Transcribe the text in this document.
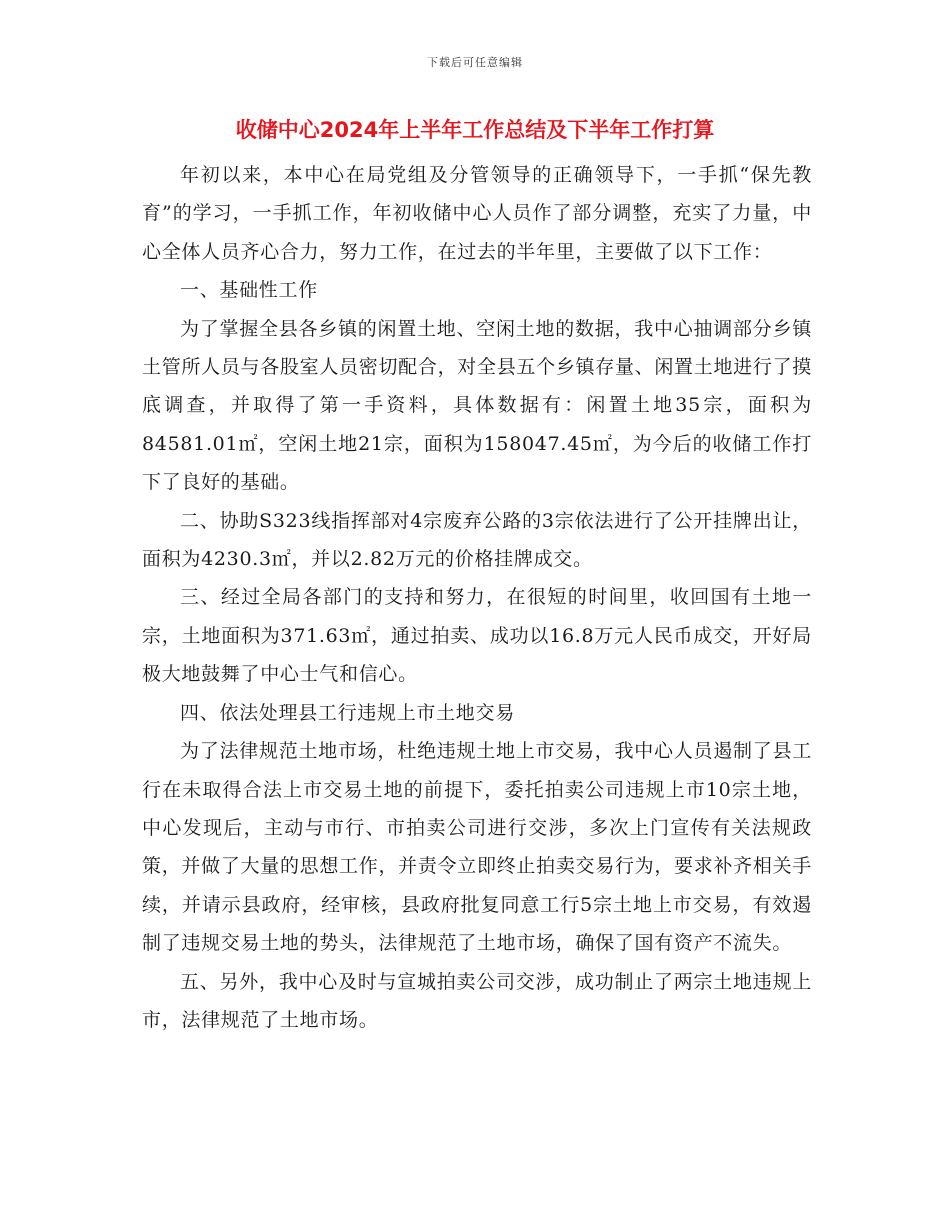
下载后可任意编辑
收储中心2024年上半年工作总结及下半年工作打算

年初以来，本中心在局党组及分管领导的正确领导下，一手抓“保先教育”的学习，一手抓工作，年初收储中心人员作了部分调整，充实了力量，中心全体人员齐心合力，努力工作，在过去的半年里，主要做了以下工作：

一、基础性工作

为了掌握全县各乡镇的闲置土地、空闲土地的数据，我中心抽调部分乡镇土管所人员与各股室人员密切配合，对全县五个乡镇存量、闲置土地进行了摸底调查，并取得了第一手资料，具体数据有：闲置土地35宗，面积为84581.01㎡，空闲土地21宗，面积为158047.45㎡，为今后的收储工作打下了良好的基础。

二、协助S323线指挥部对4宗废弃公路的3宗依法进行了公开挂牌出让，面积为4230.3㎡，并以2.82万元的价格挂牌成交。

三、经过全局各部门的支持和努力，在很短的时间里，收回国有土地一宗，土地面积为371.63㎡，通过拍卖、成功以16.8万元人民币成交，开好局极大地鼓舞了中心士气和信心。

四、依法处理县工行违规上市土地交易

为了法律规范土地市场，杜绝违规土地上市交易，我中心人员遏制了县工行在未取得合法上市交易土地的前提下，委托拍卖公司违规上市10宗土地，中心发现后，主动与市行、市拍卖公司进行交涉，多次上门宣传有关法规政策，并做了大量的思想工作，并责令立即终止拍卖交易行为，要求补齐相关手续，并请示县政府，经审核，县政府批复同意工行5宗土地上市交易，有效遏制了违规交易土地的势头，法律规范了土地市场，确保了国有资产不流失。

五、另外，我中心及时与宣城拍卖公司交涉，成功制止了两宗土地违规上市，法律规范了土地市场。
